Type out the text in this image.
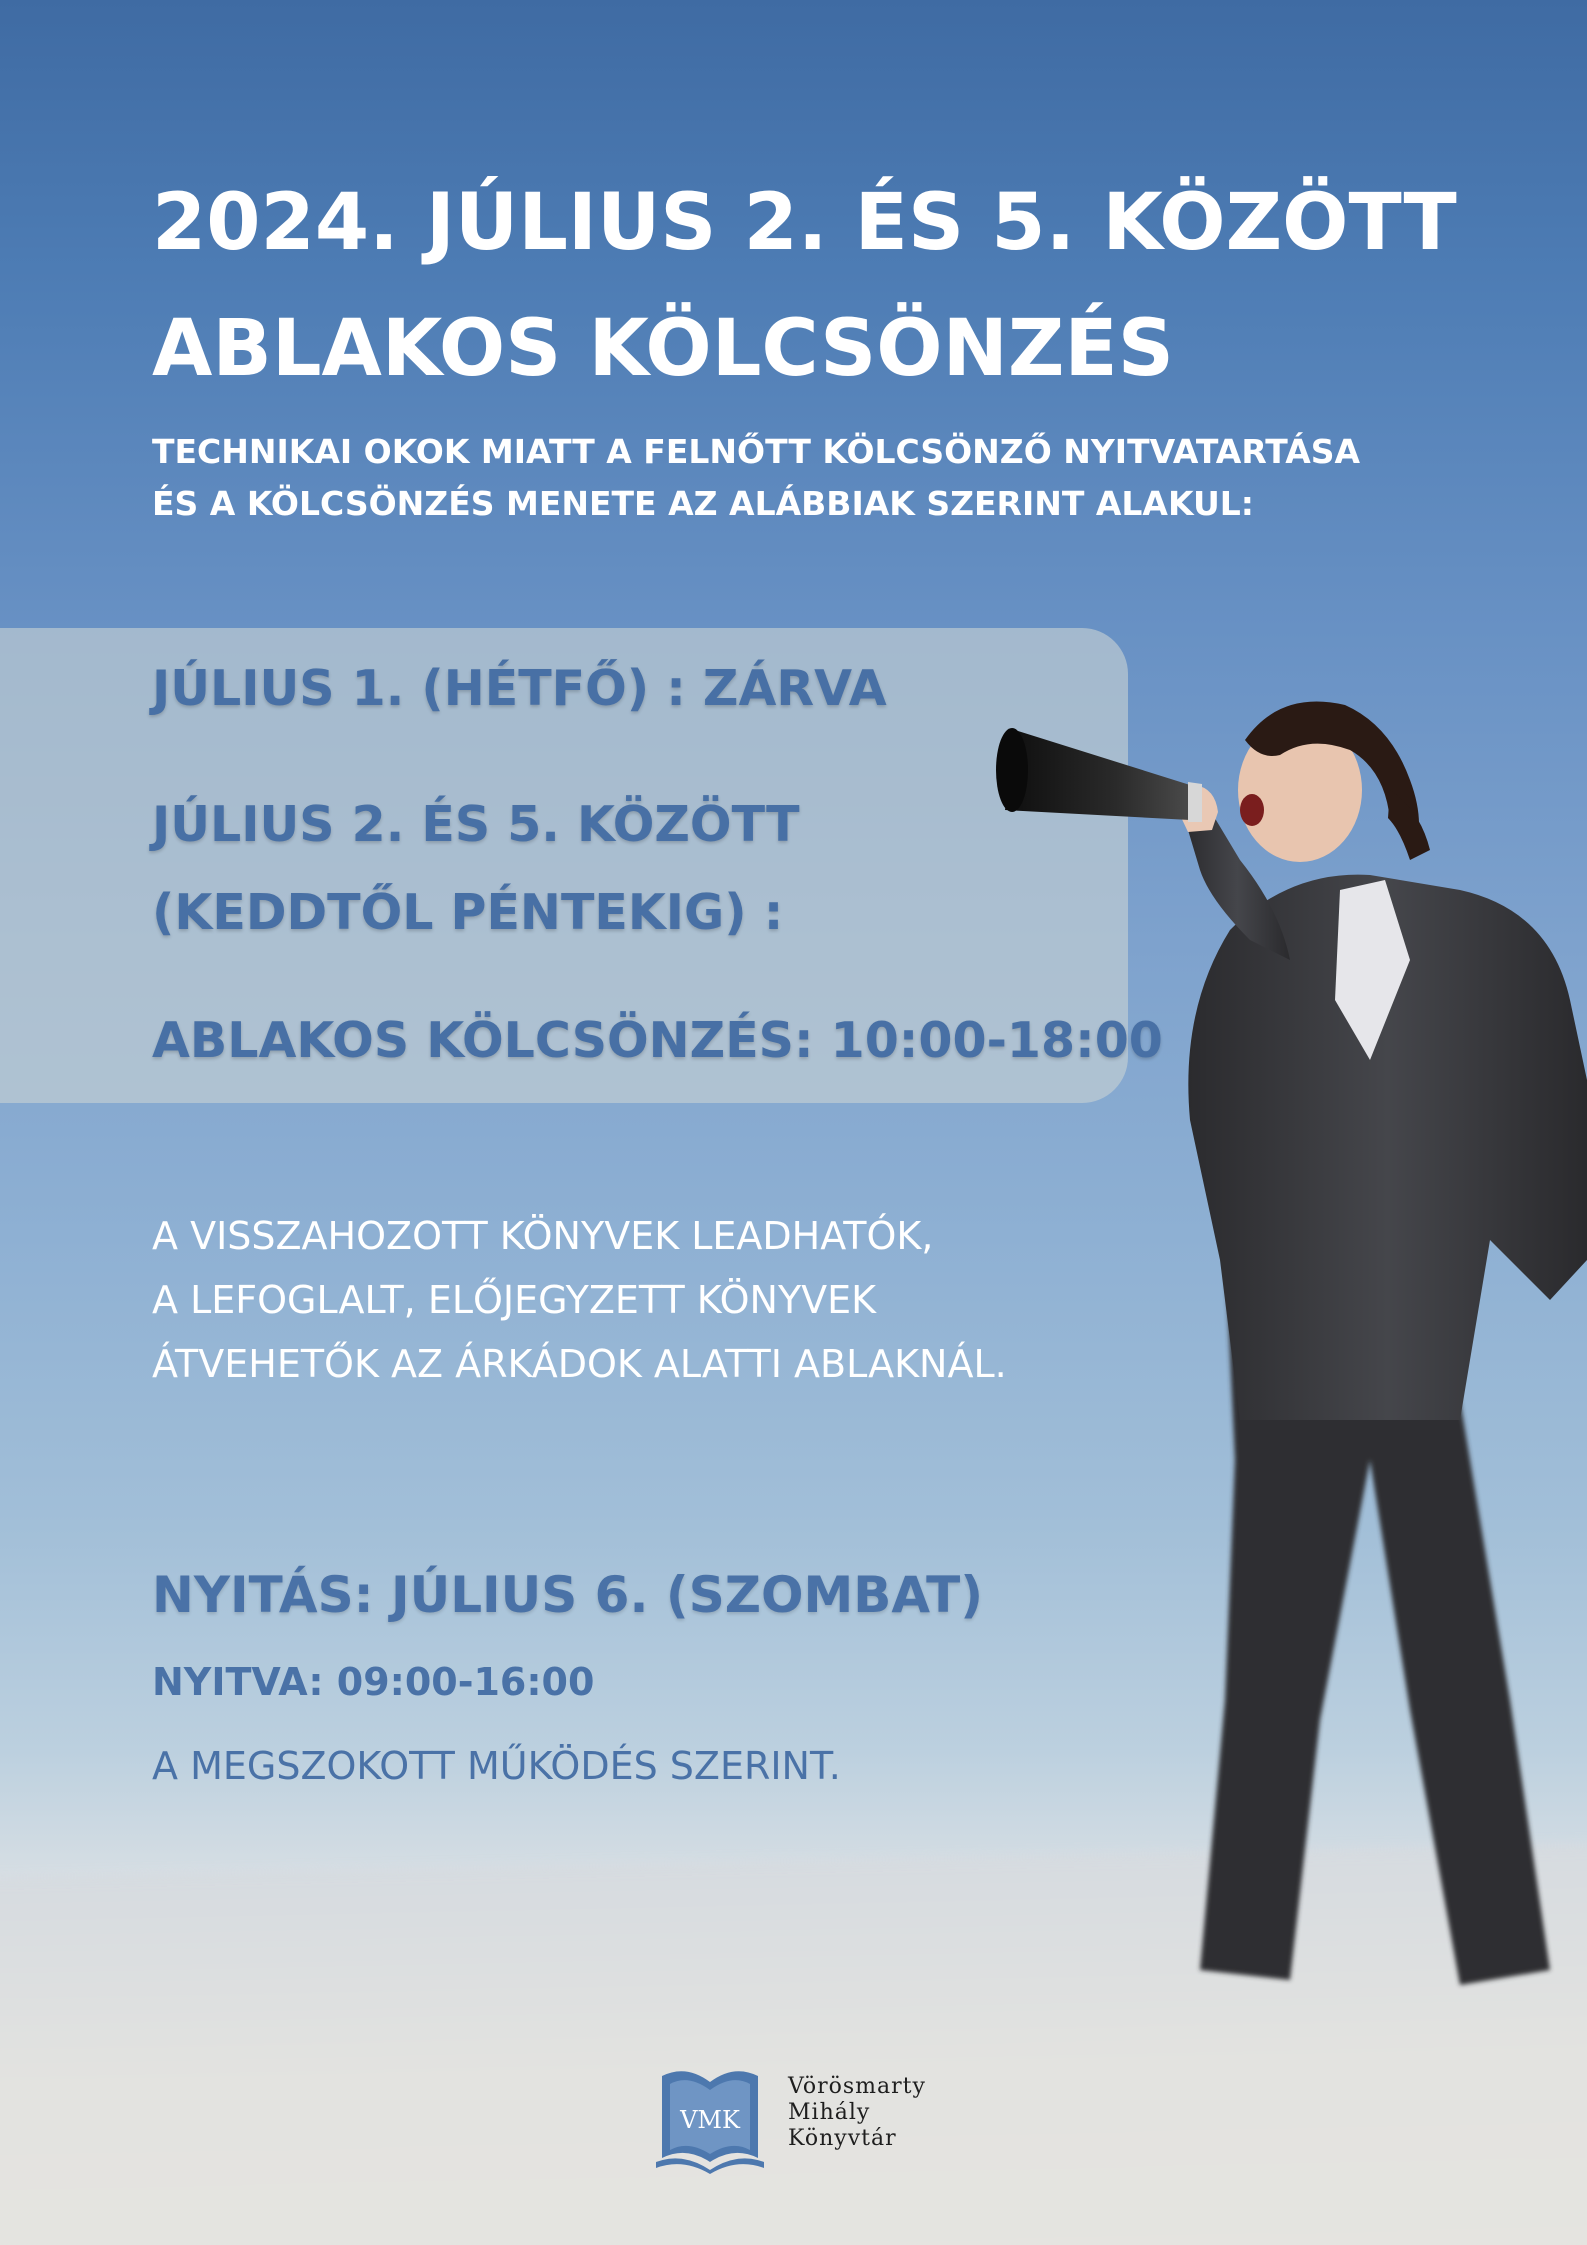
2024. JÚLIUS 2. ÉS 5. KÖZÖTT
ABLAKOS KÖLCSÖNZÉS
TECHNIKAI OKOK MIATT A FELNŐTT KÖLCSÖNZŐ NYITVATARTÁSA
ÉS A KÖLCSÖNZÉS MENETE AZ ALÁBBIAK SZERINT ALAKUL:
JÚLIUS 1. (HÉTFŐ) : ZÁRVA
JÚLIUS 2. ÉS 5. KÖZÖTT
(KEDDTŐL PÉNTEKIG) :
ABLAKOS KÖLCSÖNZÉS: 10:00-18:00
A VISSZAHOZOTT KÖNYVEK LEADHATÓK,
A LEFOGLALT, ELŐJEGYZETT KÖNYVEK
ÁTVEHETŐK AZ ÁRKÁDOK ALATTI ABLAKNÁL.
NYITÁS: JÚLIUS 6. (SZOMBAT)
NYITVA: 09:00-16:00
A MEGSZOKOTT MŰKÖDÉS SZERINT.
VMK
Vörösmarty
Mihály
Könyvtár
